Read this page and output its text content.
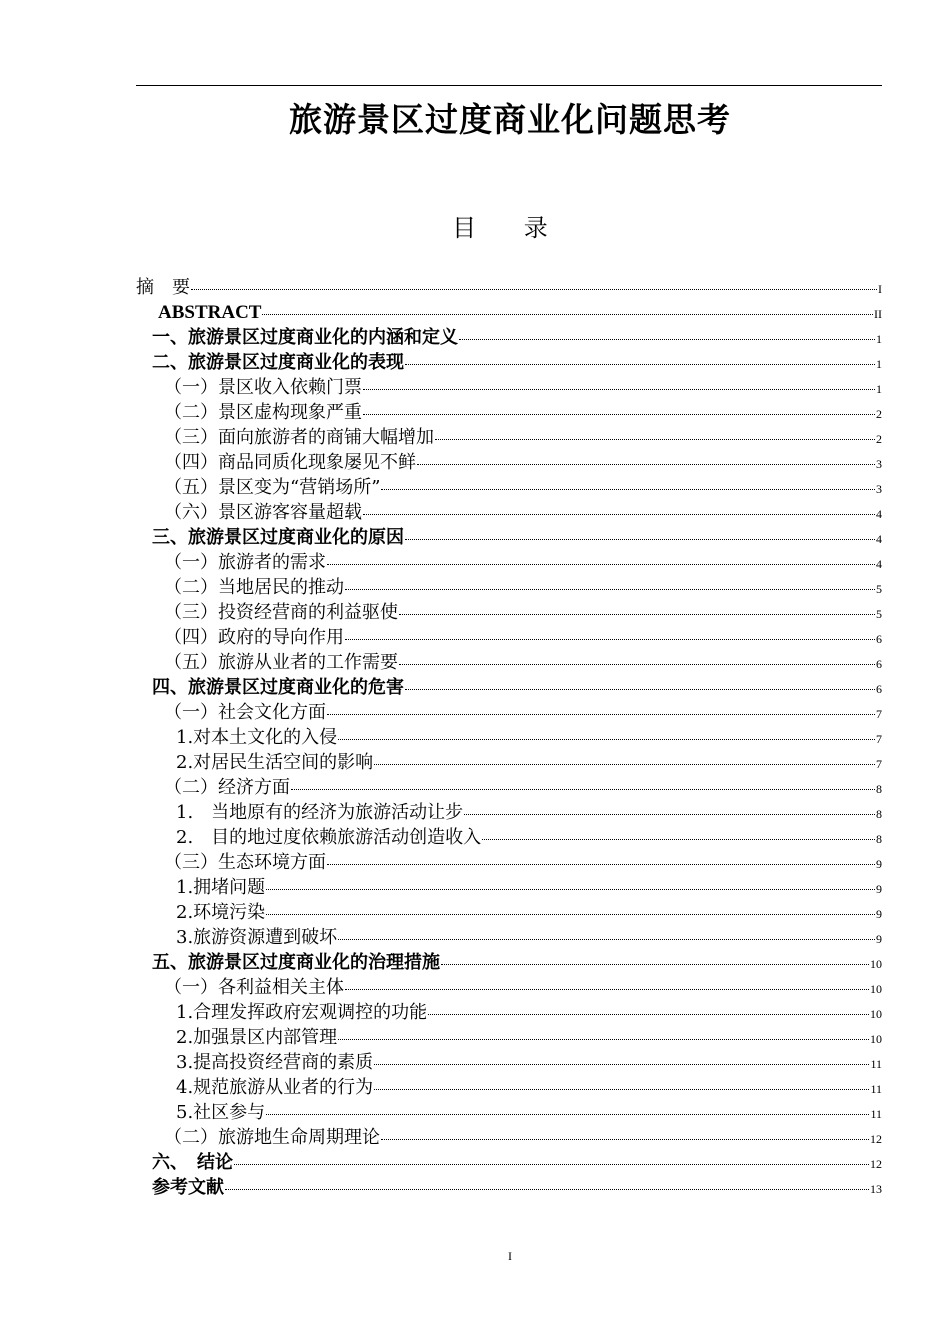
旅游景区过度商业化问题思考
目 录
摘　要	I
ABSTRACT	II
一、旅游景区过度商业化的内涵和定义	1
二、旅游景区过度商业化的表现	1
（一）景区收入依赖门票	1
（二）景区虚构现象严重	2
（三）面向旅游者的商铺大幅增加	2
（四）商品同质化现象屡见不鲜	3
（五）景区变为“营销场所”	3
（六）景区游客容量超载	4
三、旅游景区过度商业化的原因	4
（一）旅游者的需求	4
（二）当地居民的推动	5
（三）投资经营商的利益驱使	5
（四）政府的导向作用	6
（五）旅游从业者的工作需要	6
四、旅游景区过度商业化的危害	6
（一）社会文化方面	7
1.对本土文化的入侵	7
2.对居民生活空间的影响	7
（二）经济方面	8
1.　当地原有的经济为旅游活动让步	8
2.　目的地过度依赖旅游活动创造收入	8
（三）生态环境方面	9
1.拥堵问题	9
2.环境污染	9
3.旅游资源遭到破坏	9
五、旅游景区过度商业化的治理措施	10
（一）各利益相关主体	10
1.合理发挥政府宏观调控的功能	10
2.加强景区内部管理	10
3.提高投资经营商的素质	11
4.规范旅游从业者的行为	11
5.社区参与	11
（二）旅游地生命周期理论	12
六、　结论	12
参考文献	13
I
